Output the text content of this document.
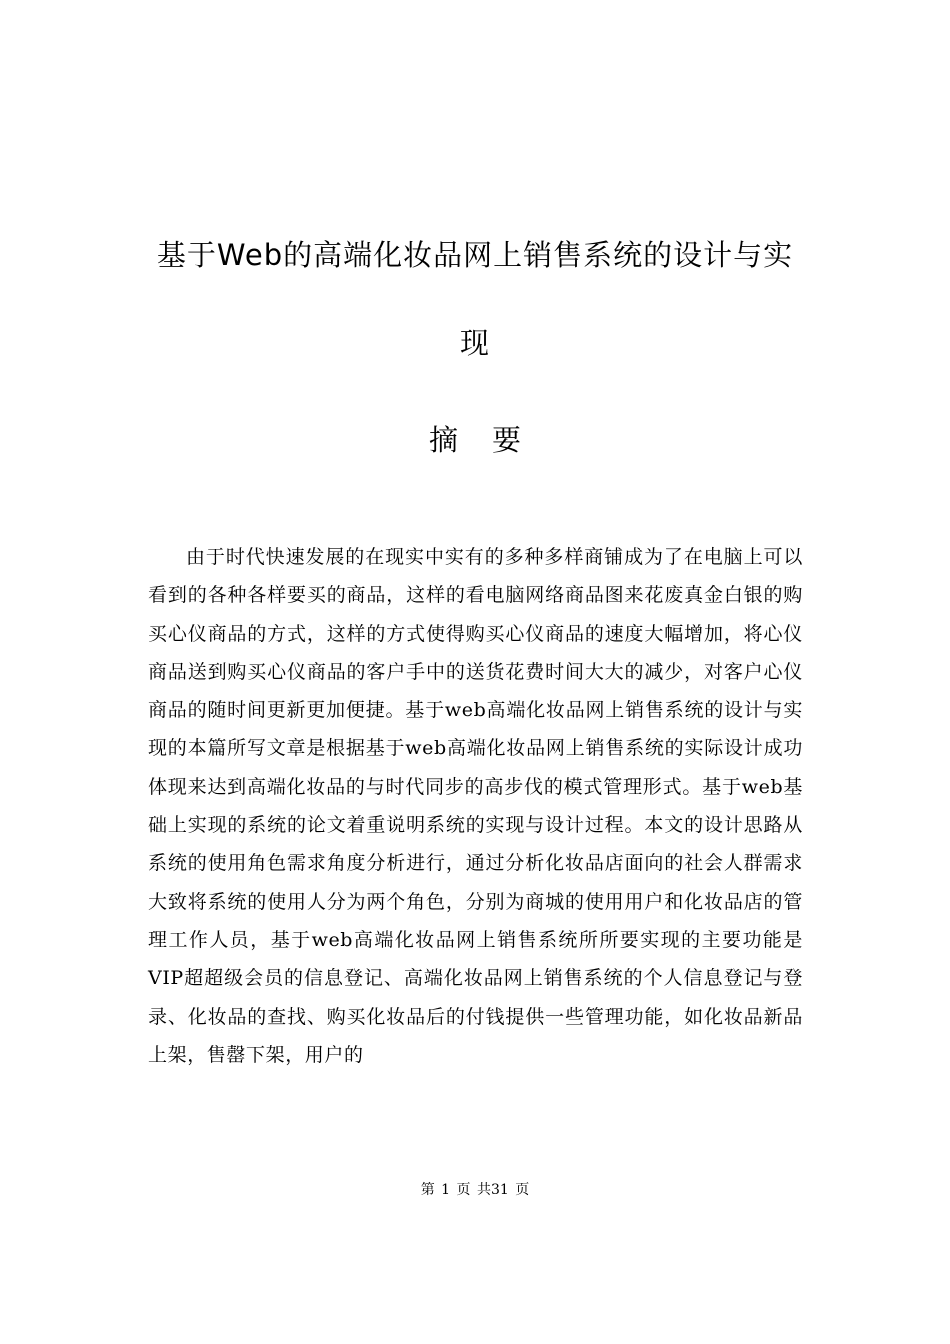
基于Web的高端化妆品网上销售系统的设计与实
现
摘要

由于时代快速发展的在现实中实有的多种多样商铺成为了在电脑上可以看到的各种各样要买的商品，这样的看电脑网络商品图来花废真金白银的购买心仪商品的方式，这样的方式使得购买心仪商品的速度大幅增加，将心仪商品送到购买心仪商品的客户手中的送货花费时间大大的减少，对客户心仪商品的随时间更新更加便捷。基于web高端化妆品网上销售系统的设计与实现的本篇所写文章是根据基于web高端化妆品网上销售系统的实际设计成功体现来达到高端化妆品的与时代同步的高步伐的模式管理形式。基于web基础上实现的系统的论文着重说明系统的实现与设计过程。本文的设计思路从系统的使用角色需求角度分析进行，通过分析化妆品店面向的社会人群需求大致将系统的使用人分为两个角色，分别为商城的使用用户和化妆品店的管理工作人员，基于web高端化妆品网上销售系统所所要实现的主要功能是VIP超超级会员的信息登记、高端化妆品网上销售系统的个人信息登记与登录、化妆品的查找、购买化妆品后的付钱提供一些管理功能，如化妆品新品上架，售罄下架，用户的

第 1 页 共31 页
